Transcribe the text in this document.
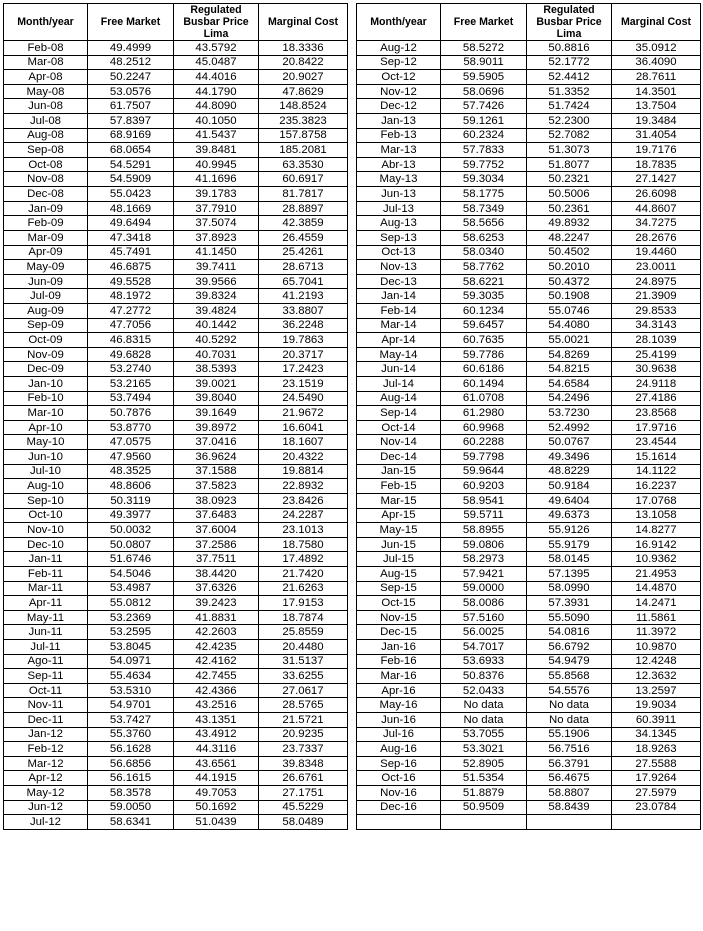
Month/year	Free Market	Regulated Busbar Price Lima	Marginal Cost
Feb-08	49.4999	43.5792	18.3336
Mar-08	48.2512	45.0487	20.8422
Apr-08	50.2247	44.4016	20.9027
May-08	53.0576	44.1790	47.8629
Jun-08	61.7507	44.8090	148.8524
Jul-08	57.8397	40.1050	235.3823
Aug-08	68.9169	41.5437	157.8758
Sep-08	68.0654	39.8481	185.2081
Oct-08	54.5291	40.9945	63.3530
Nov-08	54.5909	41.1696	60.6917
Dec-08	55.0423	39.1783	81.7817
Jan-09	48.1669	37.7910	28.8897
Feb-09	49.6494	37.5074	42.3859
Mar-09	47.3418	37.8923	26.4559
Apr-09	45.7491	41.1450	25.4261
May-09	46.6875	39.7411	28.6713
Jun-09	49.5528	39.9566	65.7041
Jul-09	48.1972	39.8324	41.2193
Aug-09	47.2772	39.4824	33.8807
Sep-09	47.7056	40.1442	36.2248
Oct-09	46.8315	40.5292	19.7863
Nov-09	49.6828	40.7031	20.3717
Dec-09	53.2740	38.5393	17.2423
Jan-10	53.2165	39.0021	23.1519
Feb-10	53.7494	39.8040	24.5490
Mar-10	50.7876	39.1649	21.9672
Apr-10	53.8770	39.8972	16.6041
May-10	47.0575	37.0416	18.1607
Jun-10	47.9560	36.9624	20.4322
Jul-10	48.3525	37.1588	19.8814
Aug-10	48.8606	37.5823	22.8932
Sep-10	50.3119	38.0923	23.8426
Oct-10	49.3977	37.6483	24.2287
Nov-10	50.0032	37.6004	23.1013
Dec-10	50.0807	37.2586	18.7580
Jan-11	51.6746	37.7511	17.4892
Feb-11	54.5046	38.4420	21.7420
Mar-11	53.4987	37.6326	21.6263
Apr-11	55.0812	39.2423	17.9153
May-11	53.2369	41.8831	18.7874
Jun-11	53.2595	42.2603	25.8559
Jul-11	53.8045	42.4235	20.4480
Ago-11	54.0971	42.4162	31.5137
Sep-11	55.4634	42.7455	33.6255
Oct-11	53.5310	42.4366	27.0617
Nov-11	54.9701	43.2516	28.5765
Dec-11	53.7427	43.1351	21.5721
Jan-12	55.3760	43.4912	20.9235
Feb-12	56.1628	44.3116	23.7337
Mar-12	56.6856	43.6561	39.8348
Apr-12	56.1615	44.1915	26.6761
May-12	58.3578	49.7053	27.1751
Jun-12	59.0050	50.1692	45.5229
Jul-12	58.6341	51.0439	58.0489
Month/year	Free Market	Regulated Busbar Price Lima	Marginal Cost
Aug-12	58.5272	50.8816	35.0912
Sep-12	58.9011	52.1772	36.4090
Oct-12	59.5905	52.4412	28.7611
Nov-12	58.0696	51.3352	14.3501
Dec-12	57.7426	51.7424	13.7504
Jan-13	59.1261	52.2300	19.3484
Feb-13	60.2324	52.7082	31.4054
Mar-13	57.7833	51.3073	19.7176
Abr-13	59.7752	51.8077	18.7835
May-13	59.3034	50.2321	27.1427
Jun-13	58.1775	50.5006	26.6098
Jul-13	58.7349	50.2361	44.8607
Aug-13	58.5656	49.8932	34.7275
Sep-13	58.6253	48.2247	28.2676
Oct-13	58.0340	50.4502	19.4460
Nov-13	58.7762	50.2010	23.0011
Dec-13	58.6221	50.4372	24.8975
Jan-14	59.3035	50.1908	21.3909
Feb-14	60.1234	55.0746	29.8533
Mar-14	59.6457	54.4080	34.3143
Apr-14	60.7635	55.0021	28.1039
May-14	59.7786	54.8269	25.4199
Jun-14	60.6186	54.8215	30.9638
Jul-14	60.1494	54.6584	24.9118
Aug-14	61.0708	54.2496	27.4186
Sep-14	61.2980	53.7230	23.8568
Oct-14	60.9968	52.4992	17.9716
Nov-14	60.2288	50.0767	23.4544
Dec-14	59.7798	49.3496	15.1614
Jan-15	59.9644	48.8229	14.1122
Feb-15	60.9203	50.9184	16.2237
Mar-15	58.9541	49.6404	17.0768
Apr-15	59.5711	49.6373	13.1058
May-15	58.8955	55.9126	14.8277
Jun-15	59.0806	55.9179	16.9142
Jul-15	58.2973	58.0145	10.9362
Aug-15	57.9421	57.1395	21.4953
Sep-15	59.0000	58.0990	14.4870
Oct-15	58.0086	57.3931	14.2471
Nov-15	57.5160	55.5090	11.5861
Dec-15	56.0025	54.0816	11.3972
Jan-16	54.7017	56.6792	10.9870
Feb-16	53.6933	54.9479	12.4248
Mar-16	50.8376	55.8568	12.3632
Apr-16	52.0433	54.5576	13.2597
May-16	No data	No data	19.9034
Jun-16	No data	No data	60.3911
Jul-16	53.7055	55.1906	34.1345
Aug-16	53.3021	56.7516	18.9263
Sep-16	52.8905	56.3791	27.5588
Oct-16	51.5354	56.4675	17.9264
Nov-16	51.8879	58.8807	27.5979
Dec-16	50.9509	58.8439	23.0784
